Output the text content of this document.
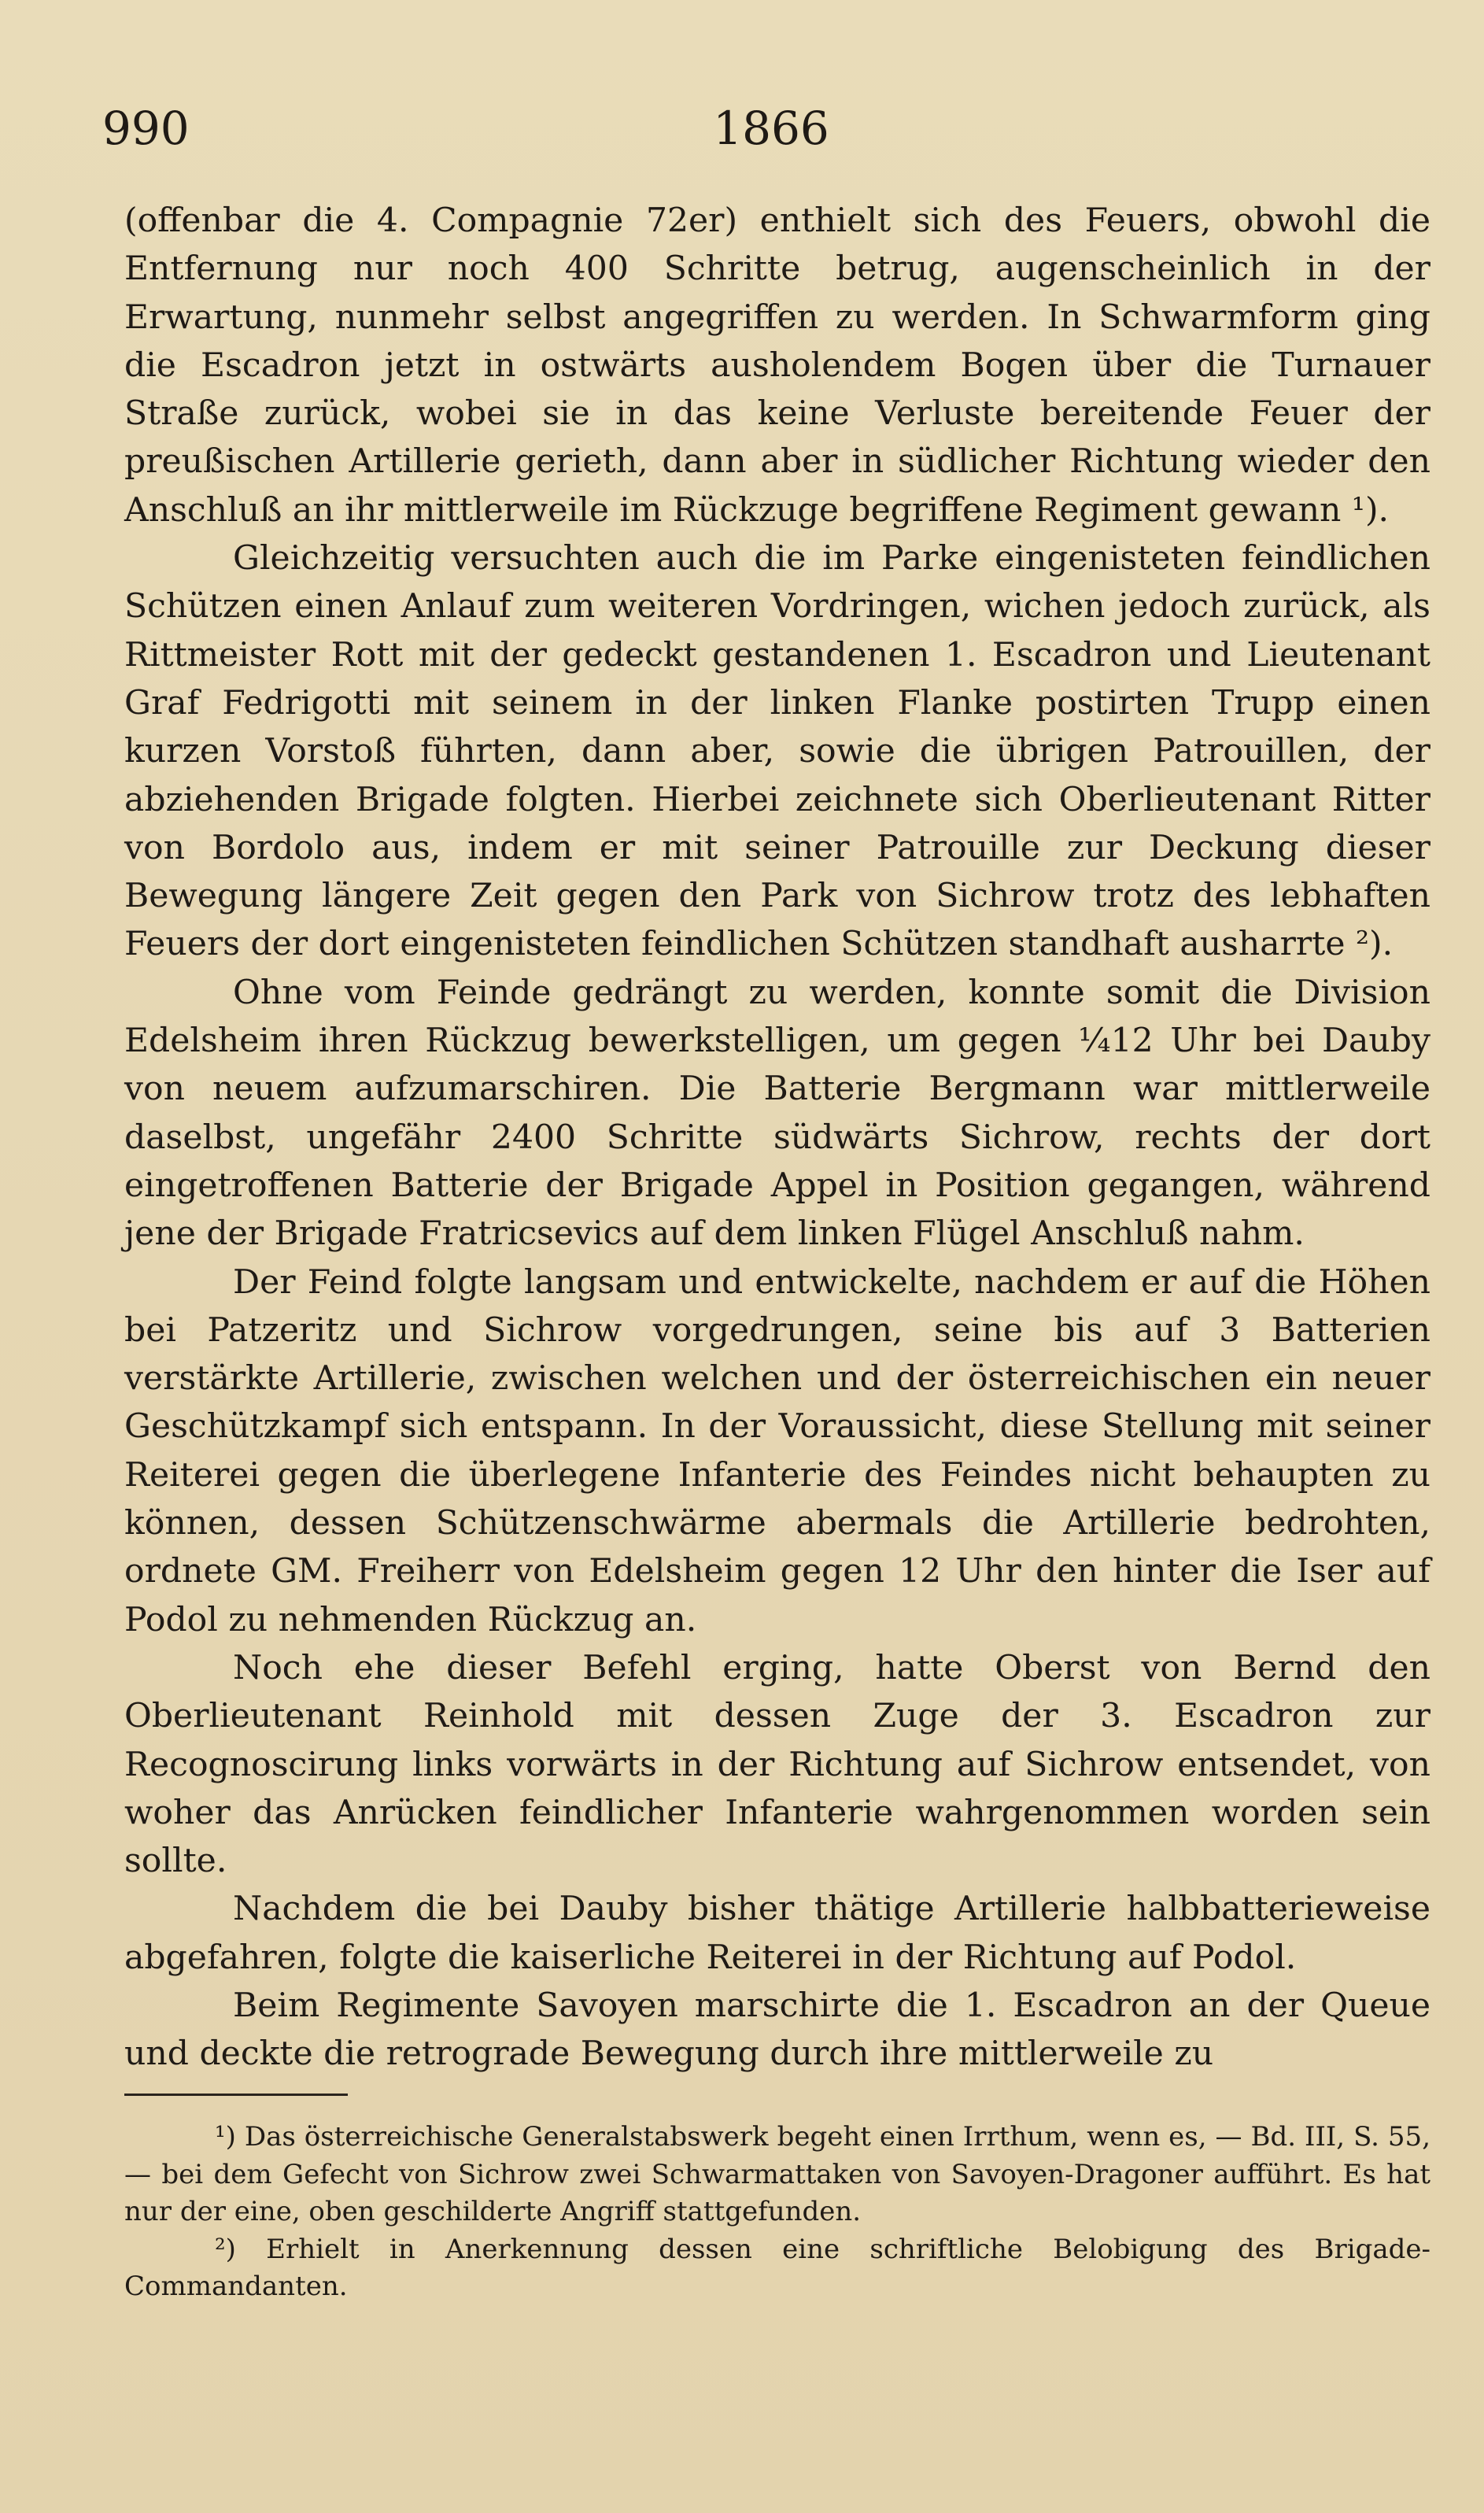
990	1866

(offenbar die 4. Compagnie 72er) enthielt sich des Feuers, obwohl die Entfernung nur noch 400 Schritte betrug, augenscheinlich in der Erwartung, nunmehr selbst angegriffen zu werden. In Schwarmform ging die Escadron jetzt in ostwärts ausholendem Bogen über die Turnauer Straße zurück, wobei sie in das keine Verluste bereitende Feuer der preußischen Artillerie gerieth, dann aber in südlicher Richtung wieder den Anschluß an ihr mittlerweile im Rückzuge begriffene Regiment gewann ¹).

Gleichzeitig versuchten auch die im Parke eingenisteten feindlichen Schützen einen Anlauf zum weiteren Vordringen, wichen jedoch zurück, als Rittmeister Rott mit der gedeckt gestandenen 1. Escadron und Lieutenant Graf Fedrigotti mit seinem in der linken Flanke postirten Trupp einen kurzen Vorstoß führten, dann aber, sowie die übrigen Patrouillen, der abziehenden Brigade folgten. Hierbei zeichnete sich Oberlieutenant Ritter von Bordolo aus, indem er mit seiner Patrouille zur Deckung dieser Bewegung längere Zeit gegen den Park von Sichrow trotz des lebhaften Feuers der dort eingenisteten feindlichen Schützen standhaft ausharrte ²).

Ohne vom Feinde gedrängt zu werden, konnte somit die Division Edelsheim ihren Rückzug bewerkstelligen, um gegen ¼12 Uhr bei Dauby von neuem aufzumarschiren. Die Batterie Bergmann war mittlerweile daselbst, ungefähr 2400 Schritte südwärts Sichrow, rechts der dort eingetroffenen Batterie der Brigade Appel in Position gegangen, während jene der Brigade Fratricsevics auf dem linken Flügel Anschluß nahm.

Der Feind folgte langsam und entwickelte, nachdem er auf die Höhen bei Patzeritz und Sichrow vorgedrungen, seine bis auf 3 Batterien verstärkte Artillerie, zwischen welchen und der österreichischen ein neuer Geschützkampf sich entspann. In der Voraussicht, diese Stellung mit seiner Reiterei gegen die überlegene Infanterie des Feindes nicht behaupten zu können, dessen Schützenschwärme abermals die Artillerie bedrohten, ordnete GM. Freiherr von Edelsheim gegen 12 Uhr den hinter die Iser auf Podol zu nehmenden Rückzug an.

Noch ehe dieser Befehl erging, hatte Oberst von Bernd den Oberlieutenant Reinhold mit dessen Zuge der 3. Escadron zur Recognoscirung links vorwärts in der Richtung auf Sichrow entsendet, von woher das Anrücken feindlicher Infanterie wahrgenommen worden sein sollte.

Nachdem die bei Dauby bisher thätige Artillerie halbbatterieweise abgefahren, folgte die kaiserliche Reiterei in der Richtung auf Podol.

Beim Regimente Savoyen marschirte die 1. Escadron an der Queue und deckte die retrograde Bewegung durch ihre mittlerweile zu

¹) Das österreichische Generalstabswerk begeht einen Irrthum, wenn es, — Bd. III, S. 55, — bei dem Gefecht von Sichrow zwei Schwarmattaken von Savoyen-Dragoner aufführt. Es hat nur der eine, oben geschilderte Angriff stattgefunden.

²) Erhielt in Anerkennung dessen eine schriftliche Belobigung des Brigade-Commandanten.
